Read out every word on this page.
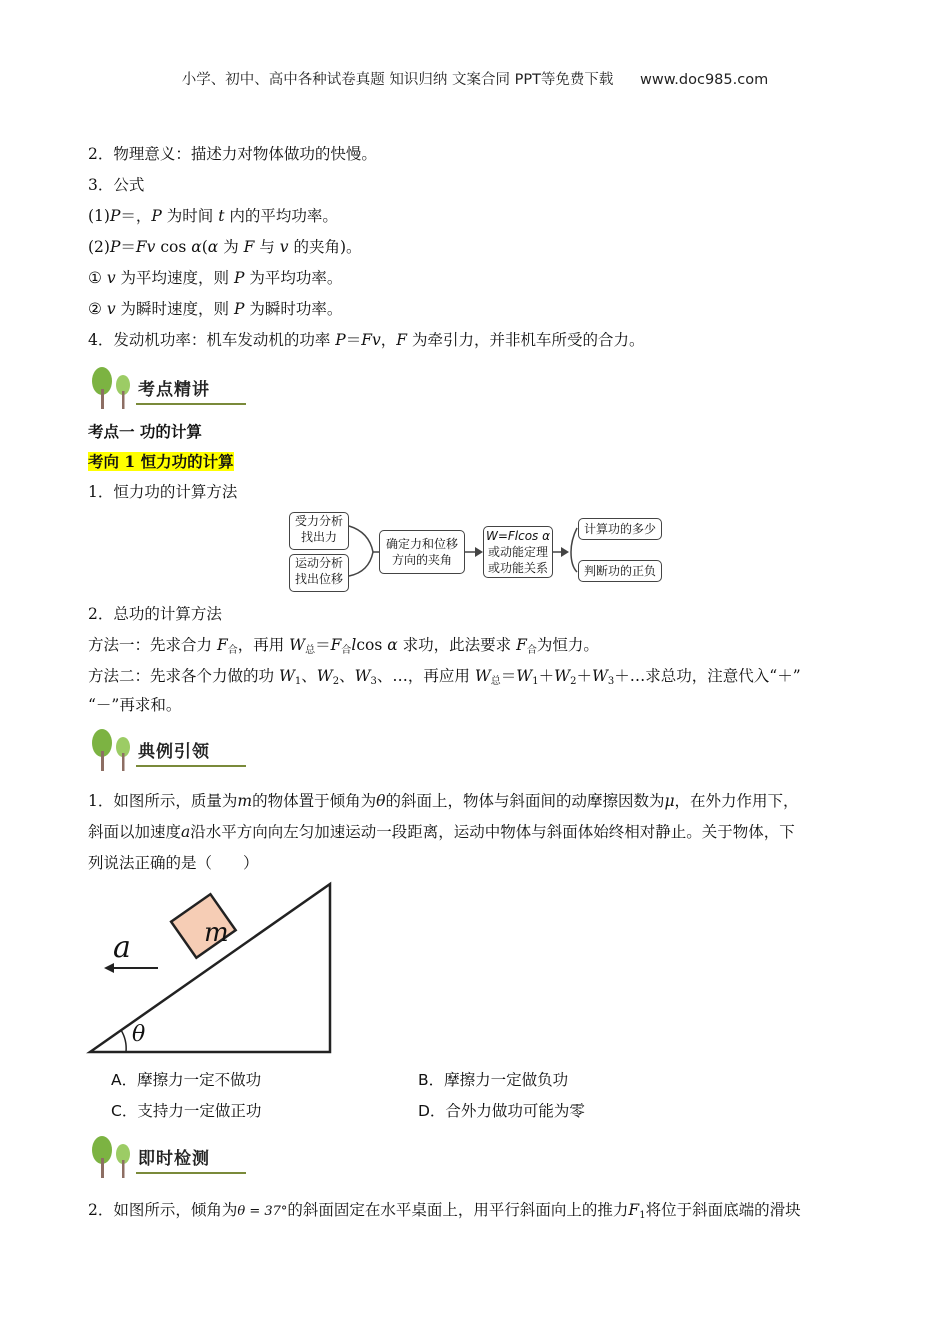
小学、初中、高中各种试卷真题 知识归纳 文案合同 PPT等免费下载 www.doc985.com
2．物理意义：描述力对物体做功的快慢。
3．公式
(1)P＝，P 为时间 t 内的平均功率。
(2)P＝Fv cos α(α 为 F 与 v 的夹角)。
① v 为平均速度，则 P 为平均功率。
② v 为瞬时速度，则 P 为瞬时功率。
4．发动机功率：机车发动机的功率 P＝Fv，F 为牵引力，并非机车所受的合力。
考点精讲
考点一 功的计算
考向 1 恒力功的计算
1．恒力功的计算方法
受力分析
找出力
运动分析
找出位移
确定力和位移
方向的夹角
W=Flcos α
或动能定理
或功能关系
计算功的多少
判断功的正负
2．总功的计算方法
方法一：先求合力 $F_合$，再用 $W_总=F_合lcos$ α 求功，此法要求 $F_合$为恒力。
方法二：先求各个力做的功 $W_1$、$W_2$、$W_3$、…，再应用 $W_总=W_1+W_2+W_3+\dots$求总功，注意代入“＋”
“－”再求和。
典例引领
1．如图所示，质量为m的物体置于倾角为θ的斜面上，物体与斜面间的动摩擦因数为μ，在外力作用下，
斜面以加速度a沿水平方向向左匀加速运动一段距离，运动中物体与斜面体始终相对静止。关于物体，下
列说法正确的是（　　）
a	m
θ
A．摩擦力一定不做功	B．摩擦力一定做负功
C．支持力一定做正功	D．合外力做功可能为零
即时检测
2．如图所示，倾角为θ = 37°的斜面固定在水平桌面上，用平行斜面向上的推力$F_1$将位于斜面底端的滑块
